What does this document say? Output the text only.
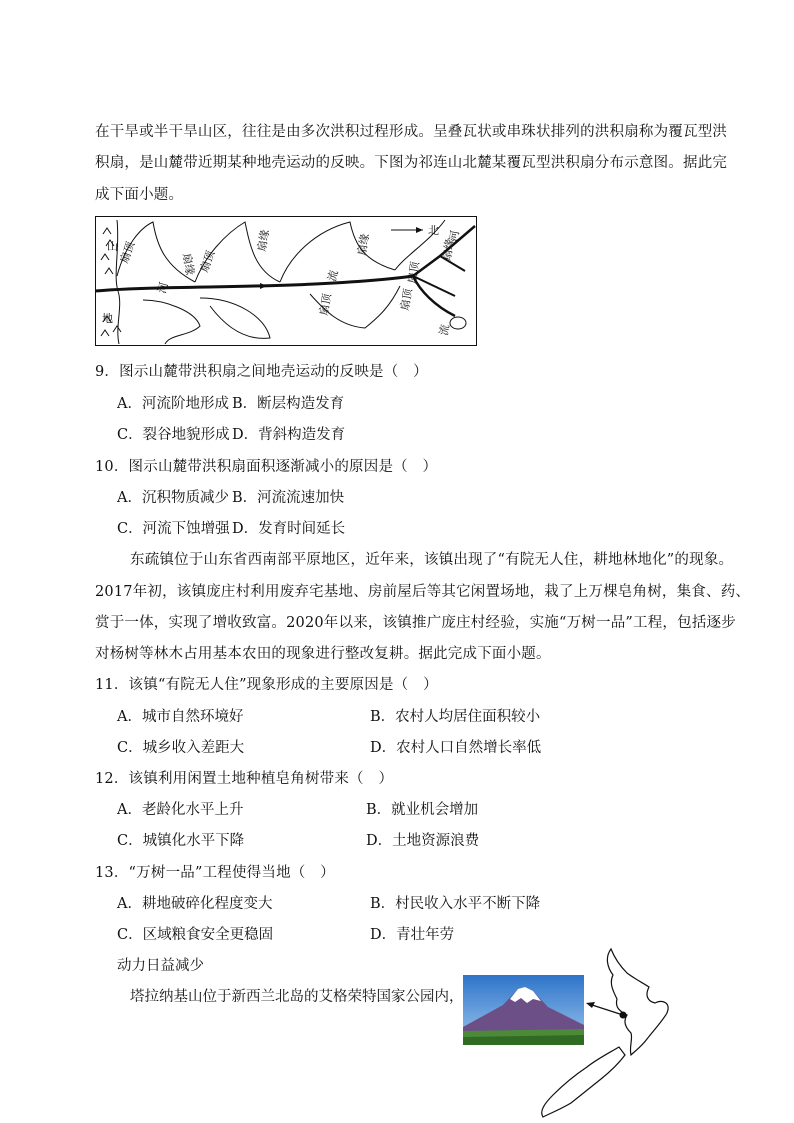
在干旱或半干旱山区，往往是由多次洪积过程形成。呈叠瓦状或串珠状排列的洪积扇称为覆瓦型洪
积扇，是山麓带近期某种地壳运动的反映。下图为祁连山北麓某覆瓦型洪积扇分布示意图。据此完
成下面小题。
山
地
北
扇顶	扇缘 扇顶
扇缘	扇缘
扇顶	扇顶
扇缘
扇顶
河
流
河
流
9．图示山麓带洪积扇之间地壳运动的反映是（　）
A．河流阶地形成 B．断层构造发育
C．裂谷地貌形成 D．背斜构造发育
10．图示山麓带洪积扇面积逐渐减小的原因是（　）
A．沉积物质减少 B．河流流速加快
C．河流下蚀增强 D．发育时间延长
东疏镇位于山东省西南部平原地区，近年来，该镇出现了“有院无人住，耕地林地化”的现象。
2017年初，该镇庞庄村利用废弃宅基地、房前屋后等其它闲置场地，栽了上万棵皂角树，集食、药、
赏于一体，实现了增收致富。2020年以来，该镇推广庞庄村经验，实施“万树一品”工程，包括逐步
对杨树等林木占用基本农田的现象进行整改复耕。据此完成下面小题。
11．该镇“有院无人住”现象形成的主要原因是（　）
A．城市自然环境好	B．农村人均居住面积较小
C．城乡收入差距大	D．农村人口自然增长率低
12．该镇利用闲置土地种植皂角树带来（　）
A．老龄化水平上升	B．就业机会增加
C．城镇化水平下降	D．土地资源浪费
13．“万树一品”工程使得当地（　）
A．耕地破碎化程度变大	B．村民收入水平不断下降
C．区域粮食安全更稳固	D．青壮年劳
动力日益减少
塔拉纳基山位于新西兰北岛的艾格荣特国家公园内，
